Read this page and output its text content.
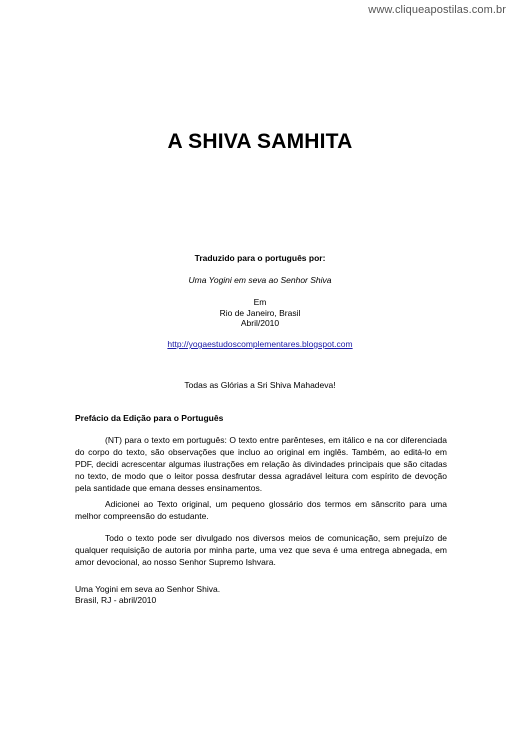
www.cliqueapostilas.com.br
A SHIVA SAMHITA
Traduzido para o português por:
Uma Yogini em seva ao Senhor Shiva
Em
Rio de Janeiro, Brasil
Abril/2010
http://yogaestudoscomplementares.blogspot.com
Todas as Glórias a Sri Shiva Mahadeva!
Prefácio da Edição para o Português

(NT) para o texto em português: O texto entre parênteses, em itálico e na cor diferenciada do corpo do texto, são observações que incluo ao original em inglês. Também, ao editá-lo em PDF, decidi acrescentar algumas ilustrações em relação às divindades principais que são citadas no texto, de modo que o leitor possa desfrutar dessa agradável leitura com espírito de devoção pela santidade que emana desses ensinamentos.

Adicionei ao Texto original, um pequeno glossário dos termos em sânscrito para uma melhor compreensão do estudante.

Todo o texto pode ser divulgado nos diversos meios de comunicação, sem prejuízo de qualquer requisição de autoria por minha parte, uma vez que seva é uma entrega abnegada, em amor devocional, ao nosso Senhor Supremo Ishvara.

Uma Yogini em seva ao Senhor Shiva.
Brasil, RJ - abril/2010
